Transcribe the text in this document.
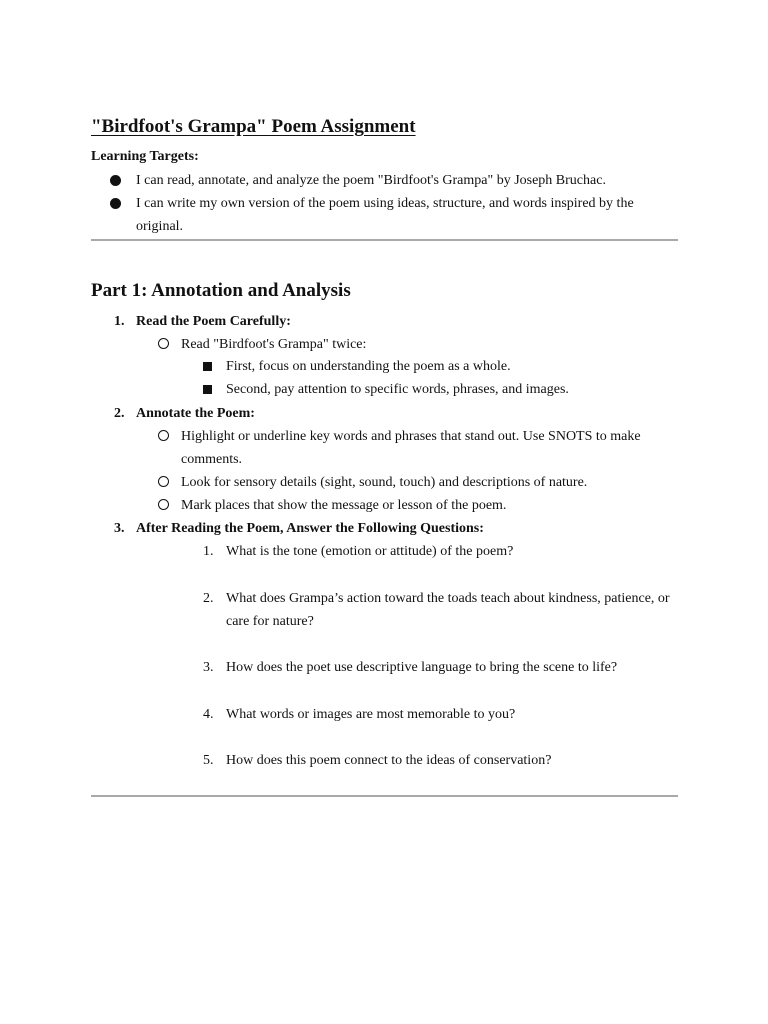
"Birdfoot's Grampa" Poem Assignment
Learning Targets:
I can read, annotate, and analyze the poem "Birdfoot's Grampa" by Joseph Bruchac.
I can write my own version of the poem using ideas, structure, and words inspired by the original.
Part 1: Annotation and Analysis
1. Read the Poem Carefully:
Read "Birdfoot's Grampa" twice:
First, focus on understanding the poem as a whole.
Second, pay attention to specific words, phrases, and images.
2. Annotate the Poem:
Highlight or underline key words and phrases that stand out. Use SNOTS to make comments.
Look for sensory details (sight, sound, touch) and descriptions of nature.
Mark places that show the message or lesson of the poem.
3. After Reading the Poem, Answer the Following Questions:
1. What is the tone (emotion or attitude) of the poem?
2. What does Grampa’s action toward the toads teach about kindness, patience, or care for nature?
3. How does the poet use descriptive language to bring the scene to life?
4. What words or images are most memorable to you?
5. How does this poem connect to the ideas of conservation?
